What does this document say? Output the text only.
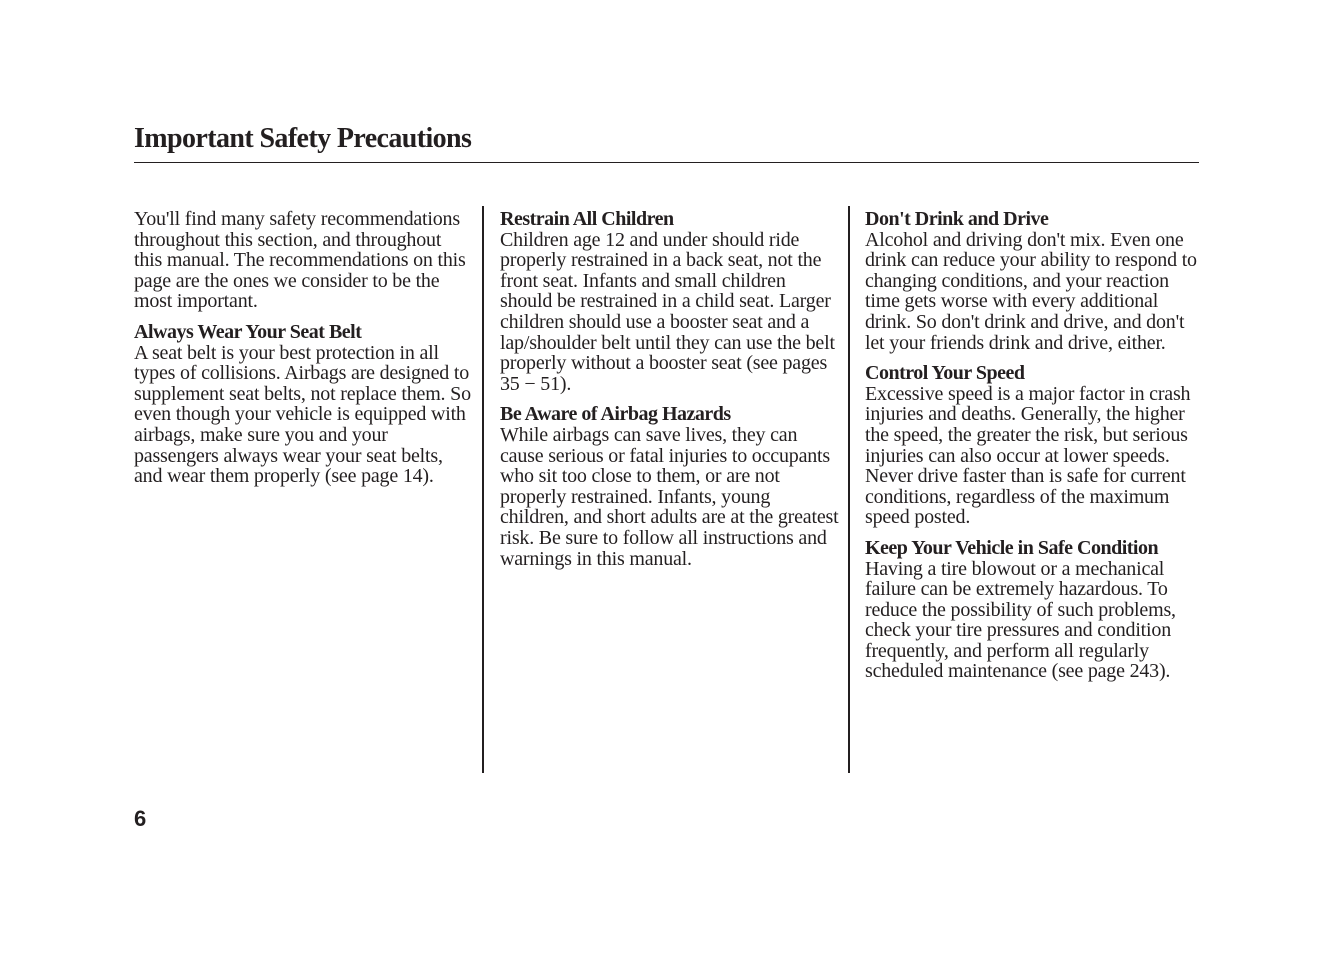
Important Safety Precautions

You'll find many safety recommendations throughout this section, and throughout this manual. The recommendations on this page are the ones we consider to be the most important.

Always Wear Your Seat Belt
A seat belt is your best protection in all types of collisions. Airbags are designed to supplement seat belts, not replace them. So even though your vehicle is equipped with airbags, make sure you and your passengers always wear your seat belts, and wear them properly (see page 14).

Restrain All Children
Children age 12 and under should ride properly restrained in a back seat, not the front seat. Infants and small children should be restrained in a child seat. Larger children should use a booster seat and a lap/shoulder belt until they can use the belt properly without a booster seat (see pages 35 − 51).

Be Aware of Airbag Hazards
While airbags can save lives, they can cause serious or fatal injuries to occupants who sit too close to them, or are not properly restrained. Infants, young children, and short adults are at the greatest risk. Be sure to follow all instructions and warnings in this manual.

Don't Drink and Drive
Alcohol and driving don't mix. Even one drink can reduce your ability to respond to changing conditions, and your reaction time gets worse with every additional drink. So don't drink and drive, and don't let your friends drink and drive, either.

Control Your Speed
Excessive speed is a major factor in crash injuries and deaths. Generally, the higher the speed, the greater the risk, but serious injuries can also occur at lower speeds. Never drive faster than is safe for current conditions, regardless of the maximum speed posted.

Keep Your Vehicle in Safe Condition
Having a tire blowout or a mechanical failure can be extremely hazardous. To reduce the possibility of such problems, check your tire pressures and condition frequently, and perform all regularly scheduled maintenance (see page 243).

6
